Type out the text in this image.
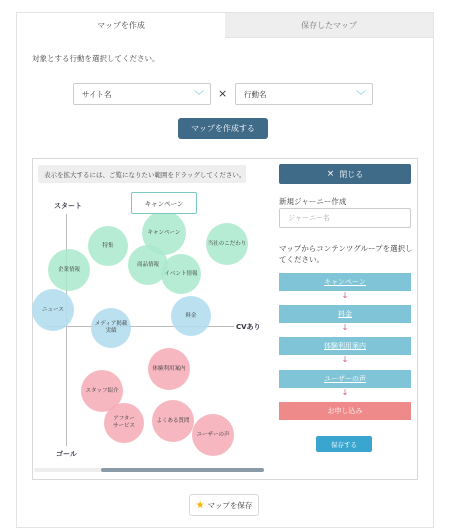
マップを作成	保存したマップ
対象とする行動を選択してください。
サイト名	﹀ × 行動名	﹀
マップを作成する
表示を拡大するには、ご覧になりたい範囲をドラッグしてください。
スタート
ゴール
CVあり
キャンペーン
特集	当社のこだわり
企業情報
商品情報
イベント情報
ニュース
料金
メディア掲載
実績
体験利用案内
スタッフ紹介
アフター
サービス
よくある質問
ユーザーの声
キャンペーン
× 閉じる
新規ジャーニー作成
ジャーニー名
マップからコンテンツグループを選択してください。
キャンペーン
↓
料金
↓
体験利用案内
↓
ユーザーの声
↓
お申し込み
保存する
★ マップを保存
